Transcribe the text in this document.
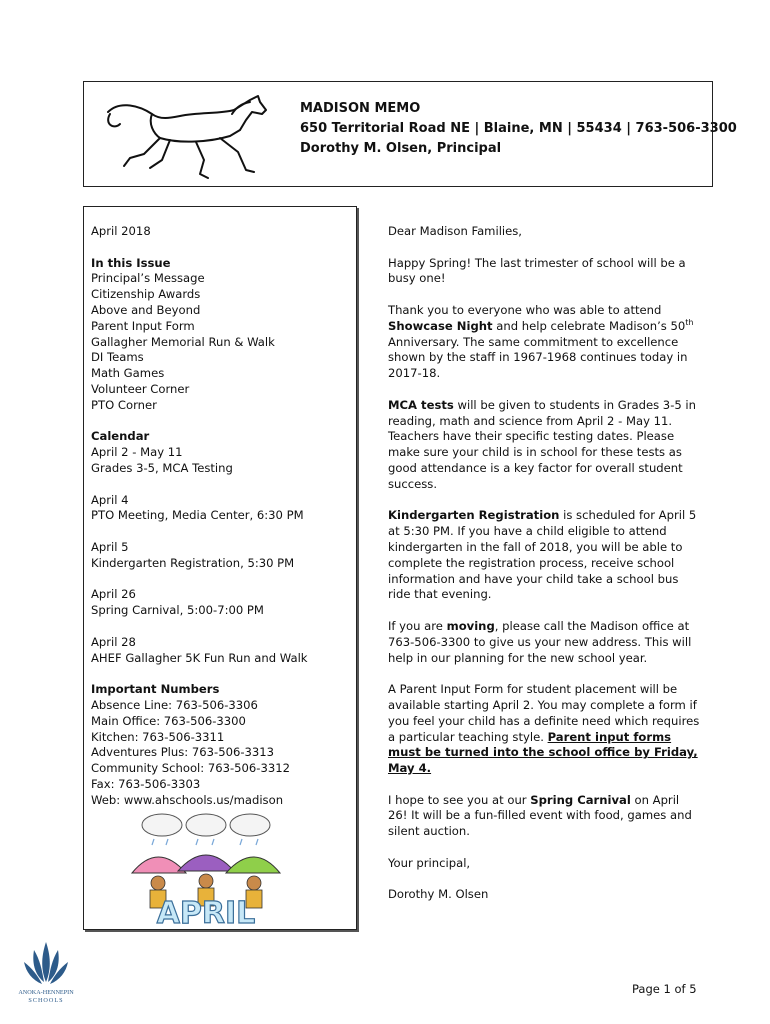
MADISON MEMO
650 Territorial Road NE | Blaine, MN | 55434 | 763-506-3300
Dorothy M. Olsen, Principal
April 2018
In this Issue
Principal’s Message
Citizenship Awards
Above and Beyond
Parent Input Form
Gallagher Memorial Run & Walk
DI Teams
Math Games
Volunteer Corner
PTO Corner
Calendar
April 2 - May 11
Grades 3-5, MCA Testing
April 4
PTO Meeting, Media Center, 6:30 PM
April 5
Kindergarten Registration, 5:30 PM
April 26
Spring Carnival, 5:00-7:00 PM
April 28
AHEF Gallagher 5K Fun Run and Walk
Important Numbers
Absence Line: 763-506-3306
Main Office: 763-506-3300
Kitchen: 763-506-3311
Adventures Plus: 763-506-3313
Community School: 763-506-3312
Fax: 763-506-3303
Web: www.ahschools.us/madison
APRIL

Dear Madison Families,

Happy Spring! The last trimester of school will be a busy one!

Thank you to everyone who was able to attend Showcase Night and help celebrate Madison’s 50th Anniversary. The same commitment to excellence shown by the staff in 1967-1968 continues today in 2017-18.

MCA tests will be given to students in Grades 3-5 in reading, math and science from April 2 - May 11. Teachers have their specific testing dates. Please make sure your child is in school for these tests as good attendance is a key factor for overall student success.

Kindergarten Registration is scheduled for April 5 at 5:30 PM. If you have a child eligible to attend kindergarten in the fall of 2018, you will be able to complete the registration process, receive school information and have your child take a school bus ride that evening.

If you are moving, please call the Madison office at 763-506-3300 to give us your new address. This will help in our planning for the new school year.

A Parent Input Form for student placement will be available starting April 2. You may complete a form if you feel your child has a definite need which requires a particular teaching style. Parent input forms must be turned into the school office by Friday, May 4.

I hope to see you at our Spring Carnival on April 26! It will be a fun-filled event with food, games and silent auction.

Your principal,

Dorothy M. Olsen

ANOKA-HENNEPIN
SCHOOLS
Page 1 of 5
